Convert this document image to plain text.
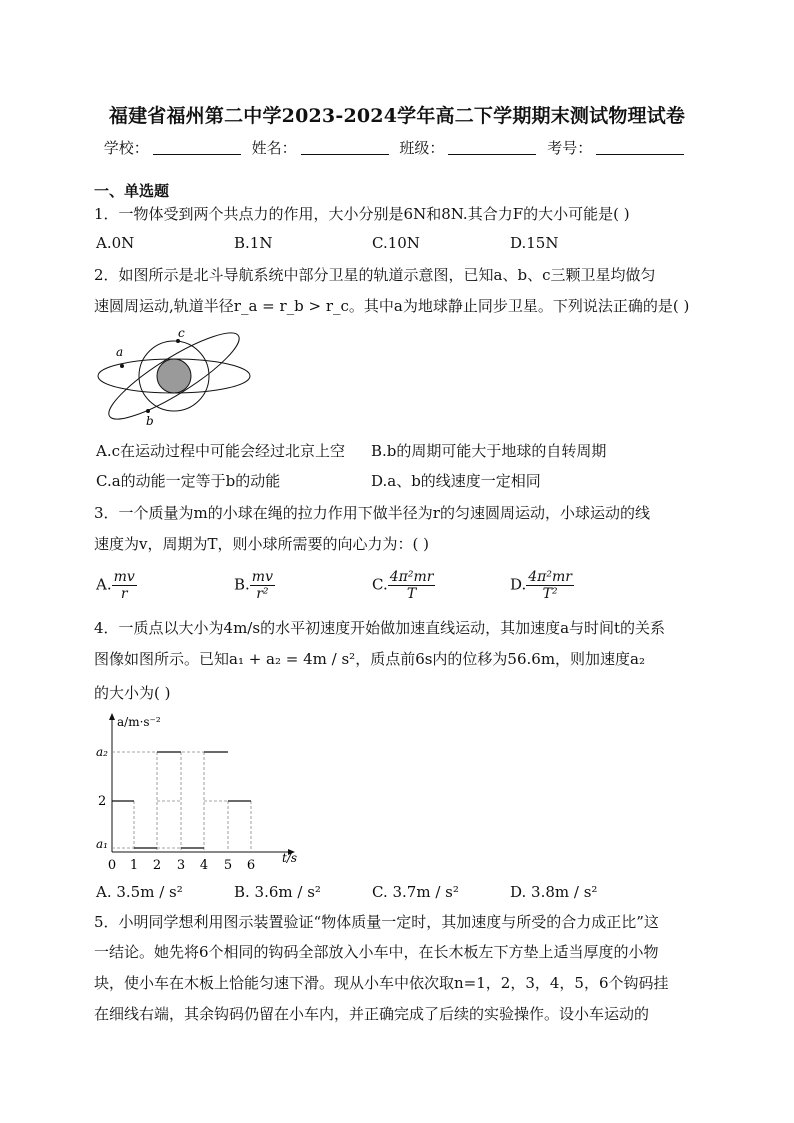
福建省福州第二中学2023-2024学年高二下学期期末测试物理试卷
学校：	姓名：	班级：	考号：
一、单选题
1．一物体受到两个共点力的作用，大小分别是6N和8N.其合力F的大小可能是( )
A.0N	B.1N	C.10N	D.15N
2．如图所示是北斗导航系统中部分卫星的轨道示意图，已知a、b、c三颗卫星均做匀
速圆周运动,轨道半径r_a = r_b > r_c。其中a为地球静止同步卫星。下列说法正确的是( )
a
b
c
A.c在运动过程中可能会经过北京上空 B.b的周期可能大于地球的自转周期
C.a的动能一定等于b的动能	D.a、b的线速度一定相同
3．一个质量为m的小球在绳的拉力作用下做半径为r的匀速圆周运动，小球运动的线
速度为v，周期为T，则小球所需要的向心力为：( )
A. $\frac{mv}{r}$	B. $\frac{mv}{\text{r²}}$	C. $\frac{\text{4π²mr}}{T}$	D. $\frac{\text{4π²mr}}{\text{T²}}$
4．一质点以大小为4m/s的水平初速度开始做加速直线运动，其加速度a与时间t的关系
图像如图所示。已知a₁ + a₂ = 4m / s²，质点前6s内的位移为56.6m，则加速度a₂
的大小为( )
a/m·s⁻²
t/s
a₂
2
a₁
0 1 2 3 4 5 6
A. 3.5m / s²	B. 3.6m / s²	C. 3.7m / s²	D. 3.8m / s²
5．小明同学想利用图示装置验证“物体质量一定时，其加速度与所受的合力成正比”这
一结论。她先将6个相同的钩码全部放入小车中，在长木板左下方垫上适当厚度的小物
块，使小车在木板上恰能匀速下滑。现从小车中依次取n=1，2，3，4，5，6个钩码挂
在细线右端，其余钩码仍留在小车内，并正确完成了后续的实验操作。设小车运动的
